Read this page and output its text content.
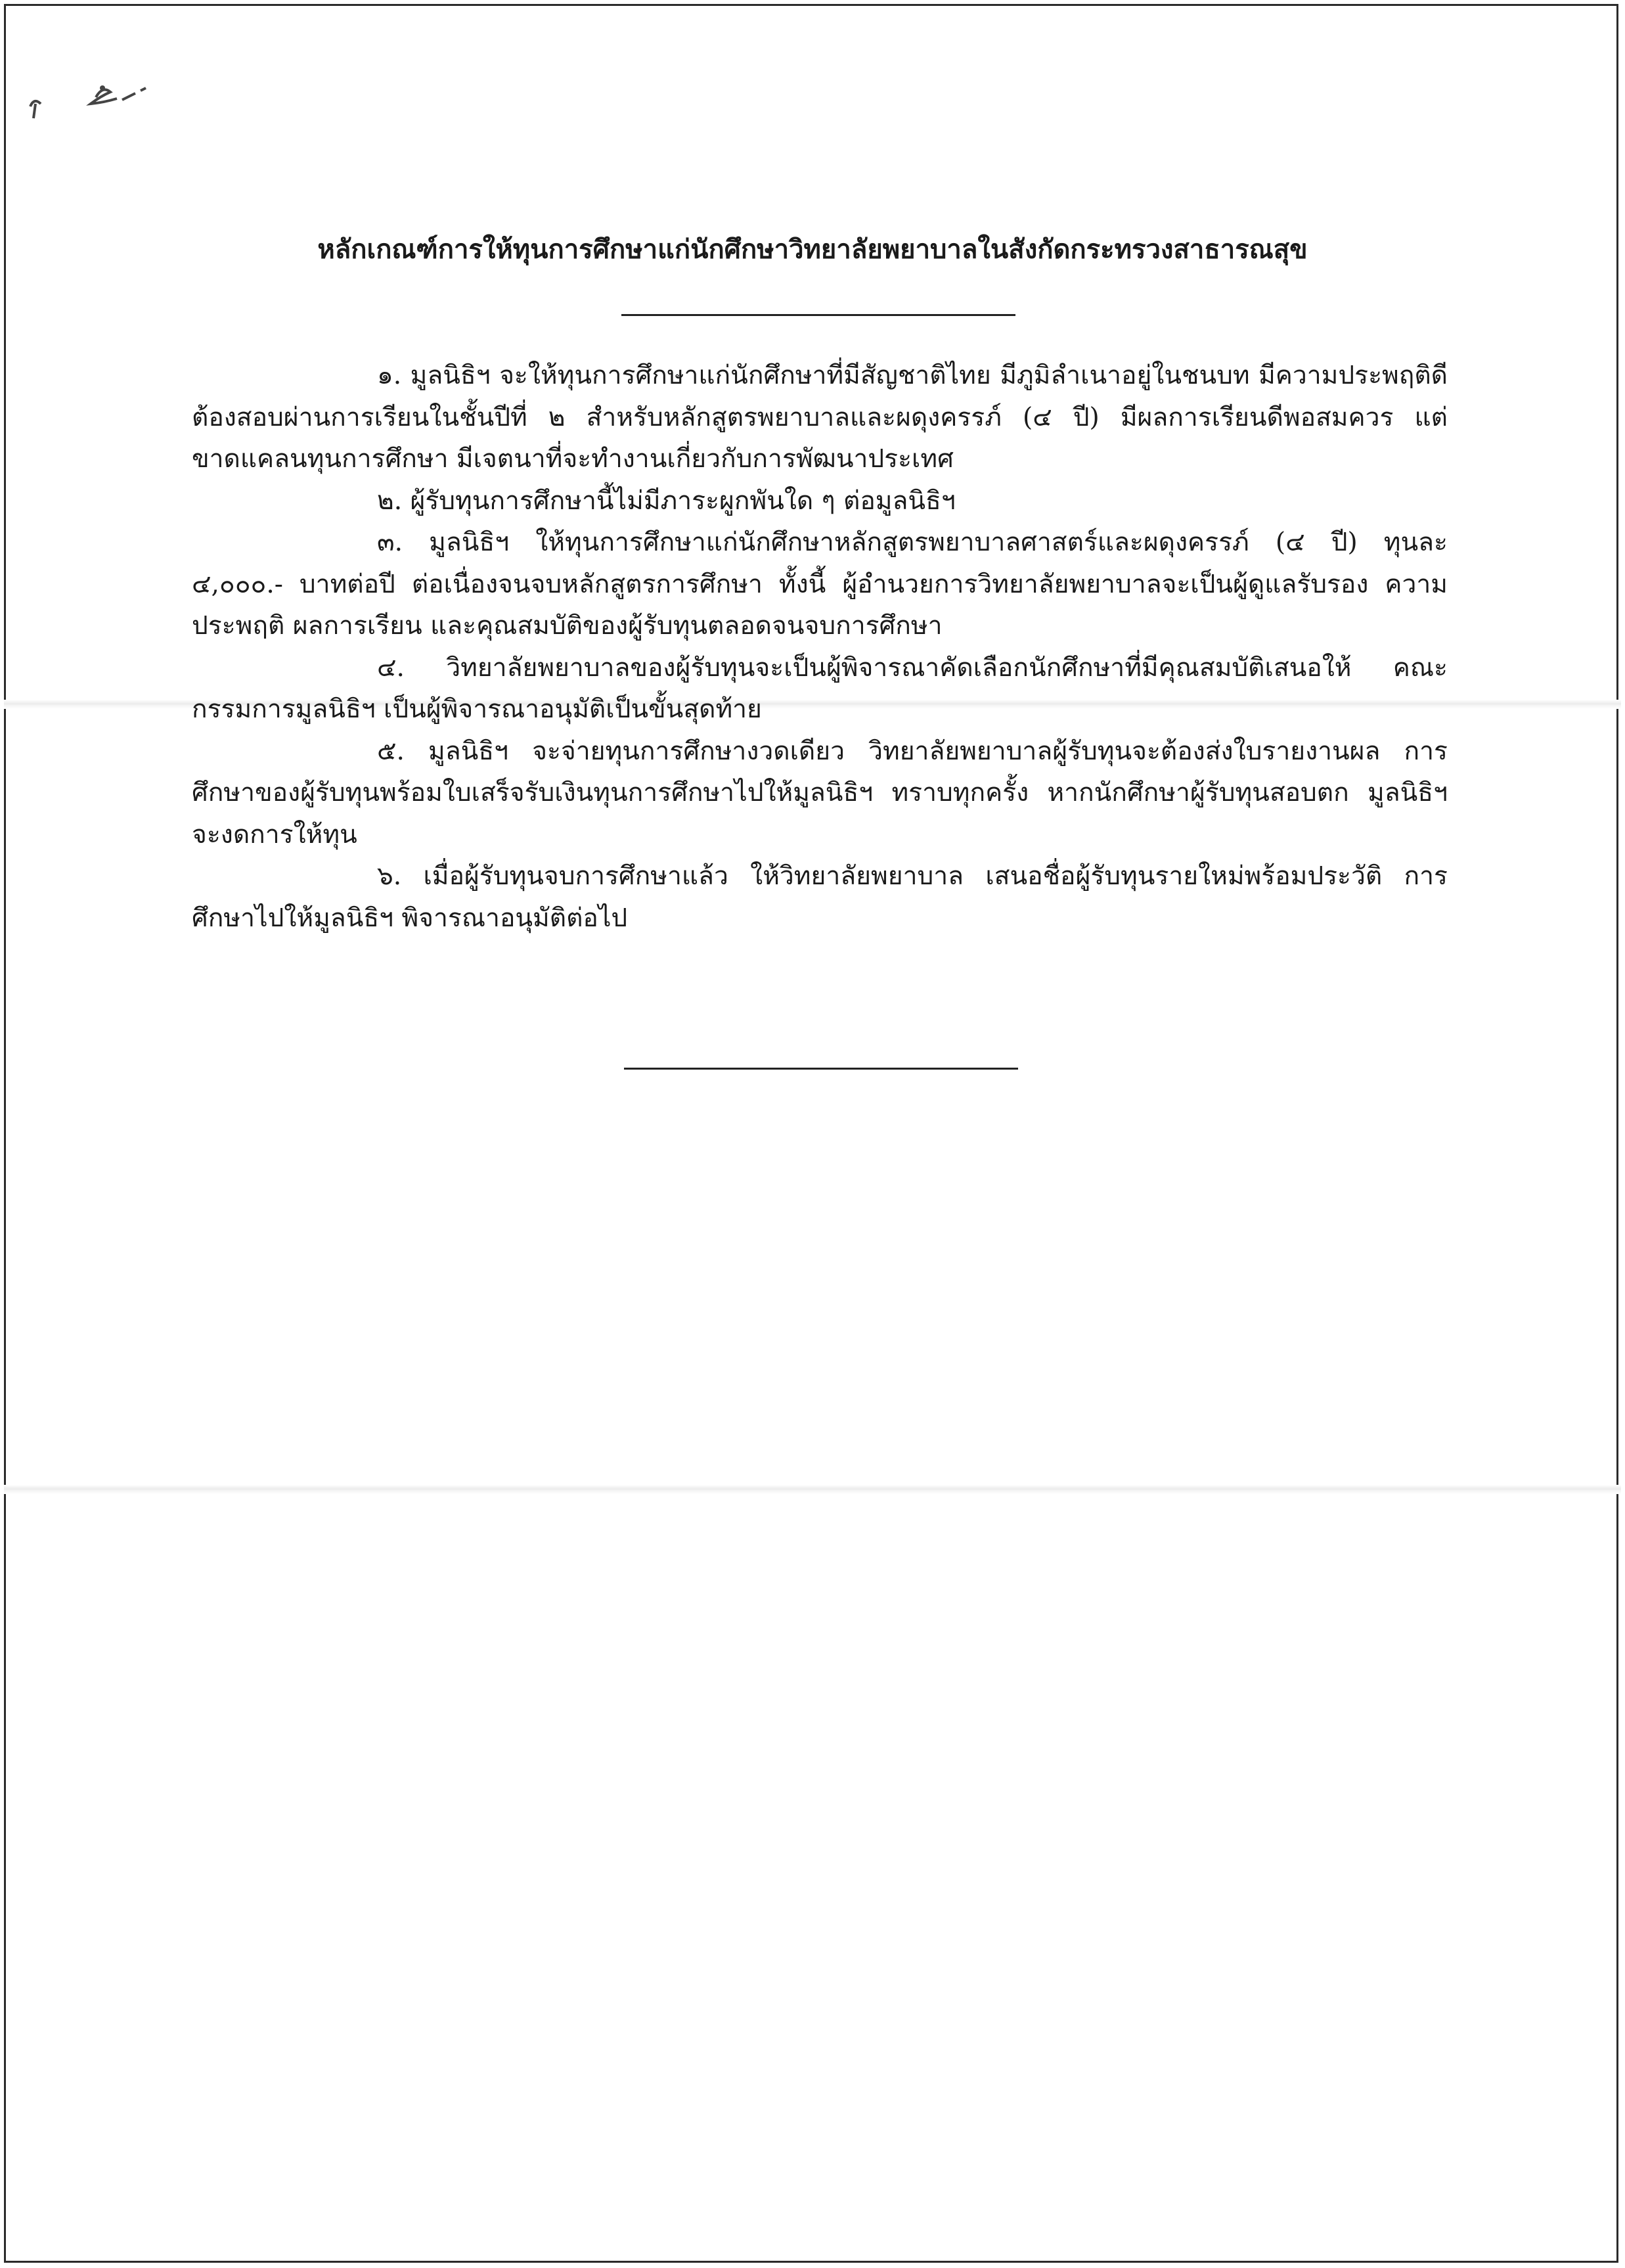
หลักเกณฑ์การให้ทุนการศึกษาแก่นักศึกษาวิทยาลัยพยาบาลในสังกัดกระทรวงสาธารณสุข

๑. มูลนิธิฯ จะให้ทุนการศึกษาแก่นักศึกษาที่มีสัญชาติไทย มีภูมิลำเนาอยู่ในชนบท มีความประพฤติดี ต้องสอบผ่านการเรียนในชั้นปีที่ ๒ สำหรับหลักสูตรพยาบาลและผดุงครรภ์ (๔ ปี) มีผลการเรียนดีพอสมควร แต่ขาดแคลนทุนการศึกษา มีเจตนาที่จะทำงานเกี่ยวกับการพัฒนาประเทศ

๒. ผู้รับทุนการศึกษานี้ไม่มีภาระผูกพันใด ๆ ต่อมูลนิธิฯ

๓. มูลนิธิฯ ให้ทุนการศึกษาแก่นักศึกษาหลักสูตรพยาบาลศาสตร์และผดุงครรภ์ (๔ ปี) ทุนละ ๔,๐๐๐.- บาทต่อปี ต่อเนื่องจนจบหลักสูตรการศึกษา ทั้งนี้ ผู้อำนวยการวิทยาลัยพยาบาลจะเป็นผู้ดูแลรับรอง ความประพฤติ ผลการเรียน และคุณสมบัติของผู้รับทุนตลอดจนจบการศึกษา

๔. วิทยาลัยพยาบาลของผู้รับทุนจะเป็นผู้พิจารณาคัดเลือกนักศึกษาที่มีคุณสมบัติเสนอให้ คณะกรรมการมูลนิธิฯ เป็นผู้พิจารณาอนุมัติเป็นขั้นสุดท้าย

๕. มูลนิธิฯ จะจ่ายทุนการศึกษางวดเดียว วิทยาลัยพยาบาลผู้รับทุนจะต้องส่งใบรายงานผล การศึกษาของผู้รับทุนพร้อมใบเสร็จรับเงินทุนการศึกษาไปให้มูลนิธิฯ ทราบทุกครั้ง หากนักศึกษาผู้รับทุนสอบตก มูลนิธิฯ จะงดการให้ทุน

๖. เมื่อผู้รับทุนจบการศึกษาแล้ว ให้วิทยาลัยพยาบาล เสนอชื่อผู้รับทุนรายใหม่พร้อมประวัติ การศึกษาไปให้มูลนิธิฯ พิจารณาอนุมัติต่อไป
